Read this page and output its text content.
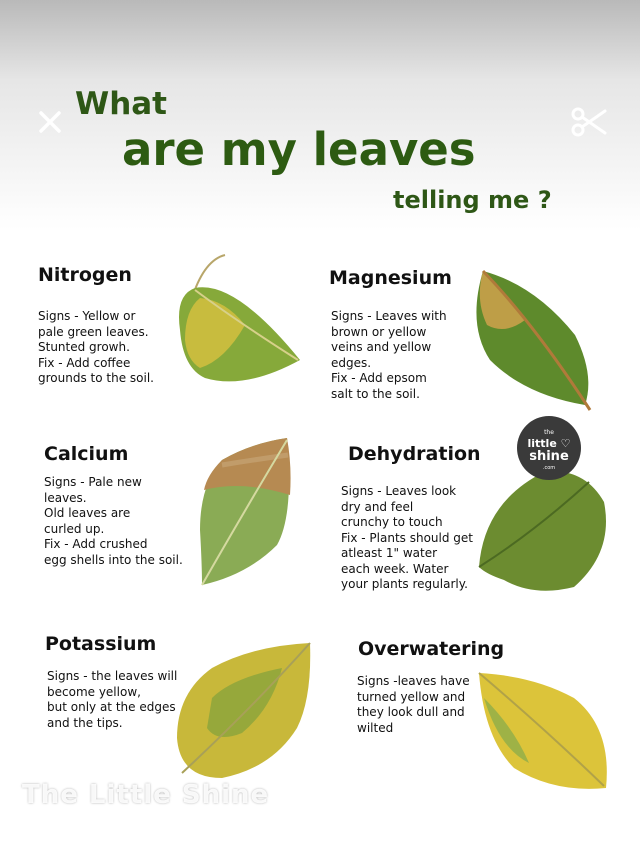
What
are my leaves
telling me ?
Nitrogen
Signs - Yellow or
pale green leaves.
Stunted growh.
Fix - Add coffee
grounds to the soil.
Magnesium
Signs - Leaves with
brown or yellow
veins and yellow
edges.
Fix - Add epsom
salt to the soil.
Calcium
Signs - Pale new
leaves.
Old leaves are
curled up.
Fix - Add crushed
egg shells into the soil.
Dehydration
Signs - Leaves look
dry and feel
crunchy to touch
Fix - Plants should get
atleast 1" water
each week. Water
your plants regularly.
the
little ♡
shine
.com
Potassium
Signs - the leaves will
become yellow,
but only at the edges
and the tips.
Overwatering
Signs -leaves have
turned yellow and
they look dull and
wilted
The Little Shine
